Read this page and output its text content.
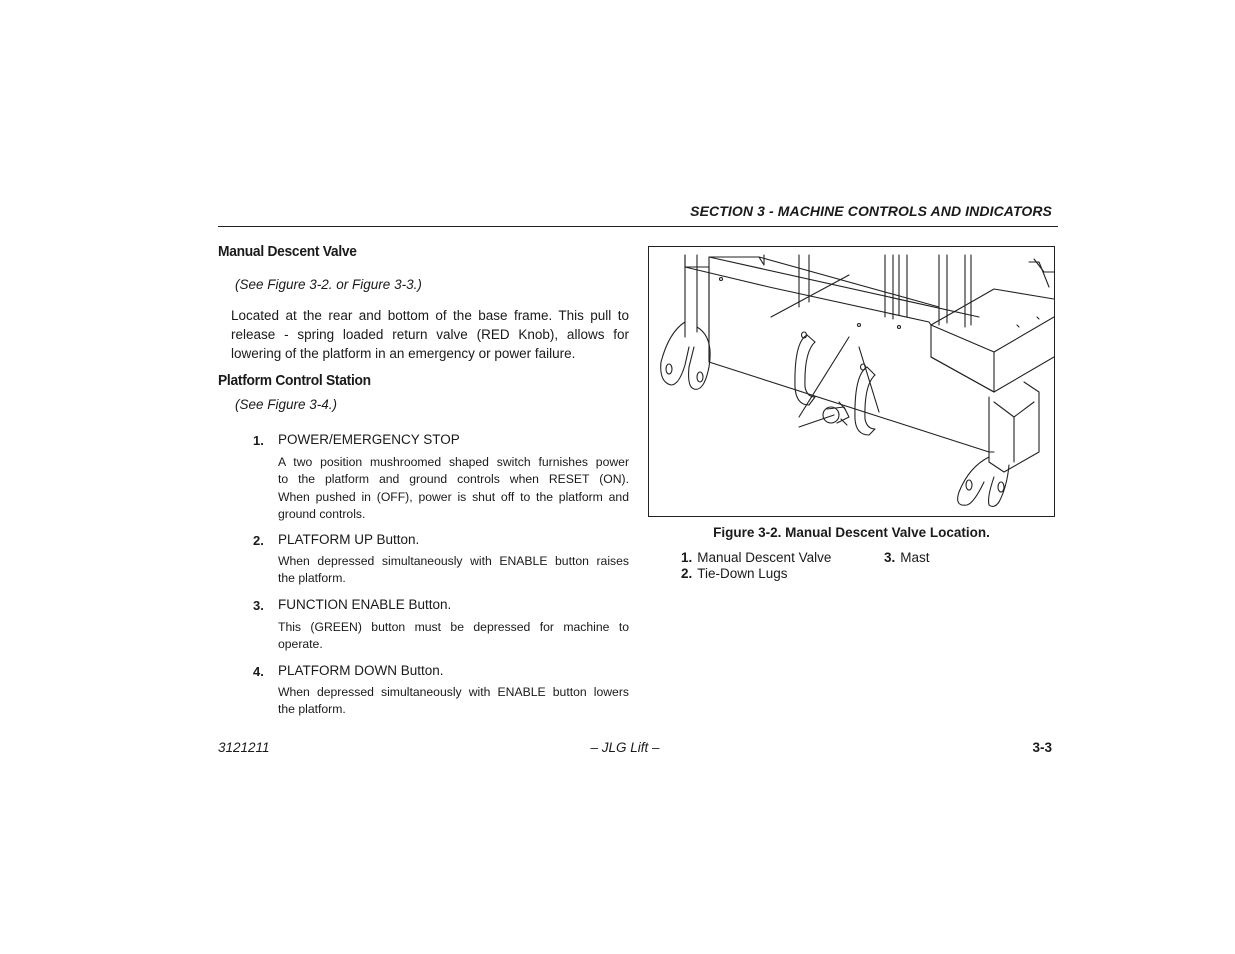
SECTION 3 - MACHINE CONTROLS AND INDICATORS
Manual Descent Valve
(See Figure 3-2. or Figure 3-3.)
Located at the rear and bottom of the base frame. This pull to
release - spring loaded return valve (RED Knob), allows for
lowering of the platform in an emergency or power failure.
Platform Control Station
(See Figure 3-4.)
1. POWER/EMERGENCY STOP
A two position mushroomed shaped switch furnishes power
to the platform and ground controls when RESET (ON).
When pushed in (OFF), power is shut off to the platform and
ground controls.
2. PLATFORM UP Button.
When depressed simultaneously with ENABLE button raises
the platform.
3. FUNCTION ENABLE Button.
This (GREEN) button must be depressed for machine to
operate.
4. PLATFORM DOWN Button.
When depressed simultaneously with ENABLE button lowers
the platform.
Figure 3-2. Manual Descent Valve Location.
1. Manual Descent Valve
2. Tie-Down Lugs
3. Mast
3121211	– JLG Lift –	3-3
